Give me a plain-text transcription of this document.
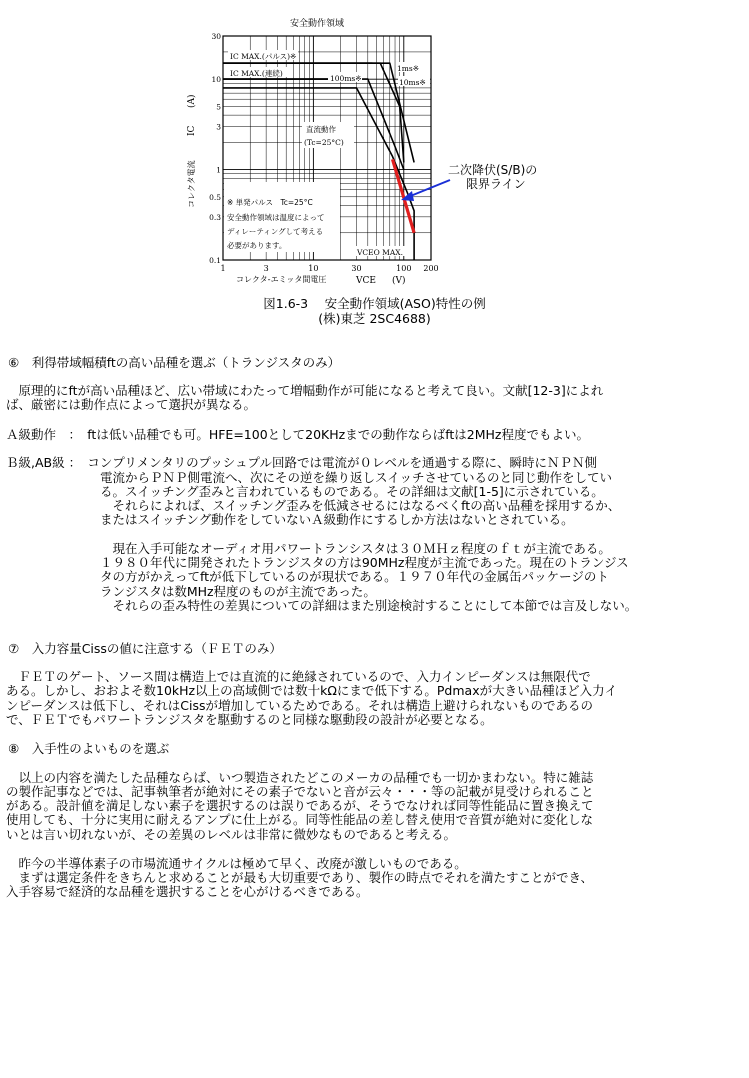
1	3	10	30	100 200
0.1
0.3
0.5
1
3
5
10
30
安全動作領域
※ 単発パルス　Tc=25°C
安全動作領域は温度によって
ディレーティングして考える
必要があります。
IC MAX.(パルス)※
IC MAX.(連続)
100ms※
1ms※
10ms※
直流動作
(Tc=25°C)
VCEO MAX.
二次降伏(S/B)の
限界ライン
コレクタ-エミッタ間電圧	VCE (V)
コレクタ電流
IC
(A)
図1.6-3　 安全動作領域(ASO)特性の例
(株)東芝 2SC4688)
⑥　利得帯域幅積ftの高い品種を選ぶ（トランジスタのみ）
　原理的にftが高い品種ほど、広い帯域にわたって増幅動作が可能になると考えて良い。文献[12-3]によれ
ば、厳密には動作点によって選択が異なる。
Ａ級動作　：　ftは低い品種でも可。HFE=100として20KHzまでの動作ならばftは2MHz程度でもよい。
Ｂ級,AB級 ：　コンプリメンタリのプッシュプル回路では電流が０レベルを通過する際に、瞬時にＮＰＮ側
電流からＰＮＰ側電流へ、次にその逆を繰り返しスイッチさせているのと同じ動作をしてい
る。スイッチング歪みと言われているものである。その詳細は文献[1-5]に示されている。
　それらによれば、スイッチング歪みを低減させるにはなるべくftの高い品種を採用するか、
またはスイッチング動作をしていないＡ級動作にするしか方法はないとされている。
　現在入手可能なオーディオ用パワートランシスタは３０ＭＨｚ程度のｆｔが主流である。
１９８０年代に開発されたトランジスタの方は90MHz程度が主流であった。現在のトランジス
タの方がかえってftが低下しているのが現状である。１９７０年代の金属缶パッケージのト
ランジスタは数MHz程度のものが主流であった。
　それらの歪み特性の差異についての詳細はまた別途検討することにして本節では言及しない。
⑦　入力容量Cissの値に注意する（ＦＥＴのみ）
　ＦＥＴのゲート、ソース間は構造上では直流的に絶縁されているので、入力インピーダンスは無限代で
ある。しかし、おおよそ数10kHz以上の高域側では数十kΩにまで低下する。Pdmaxが大きい品種ほど入力イ
ンピーダンスは低下し、それはCissが増加しているためである。それは構造上避けられないものであるの
で、ＦＥＴでもパワートランジスタを駆動するのと同様な駆動段の設計が必要となる。
⑧　入手性のよいものを選ぶ
　以上の内容を満たした品種ならば、いつ製造されたどこのメーカの品種でも一切かまわない。特に雑誌
の製作記事などでは、記事執筆者が絶対にその素子でないと音が云々・・・等の記載が見受けられること
がある。設計値を満足しない素子を選択するのは誤りであるが、そうでなければ同等性能品に置き換えて
使用しても、十分に実用に耐えるアンプに仕上がる。同等性能品の差し替え使用で音質が絶対に変化しな
いとは言い切れないが、その差異のレベルは非常に微妙なものであると考える。
　昨今の半導体素子の市場流通サイクルは極めて早く、改廃が激しいものである。
　まずは選定条件をきちんと求めることが最も大切重要であり、製作の時点でそれを満たすことができ、
入手容易で経済的な品種を選択することを心がけるべきである。
